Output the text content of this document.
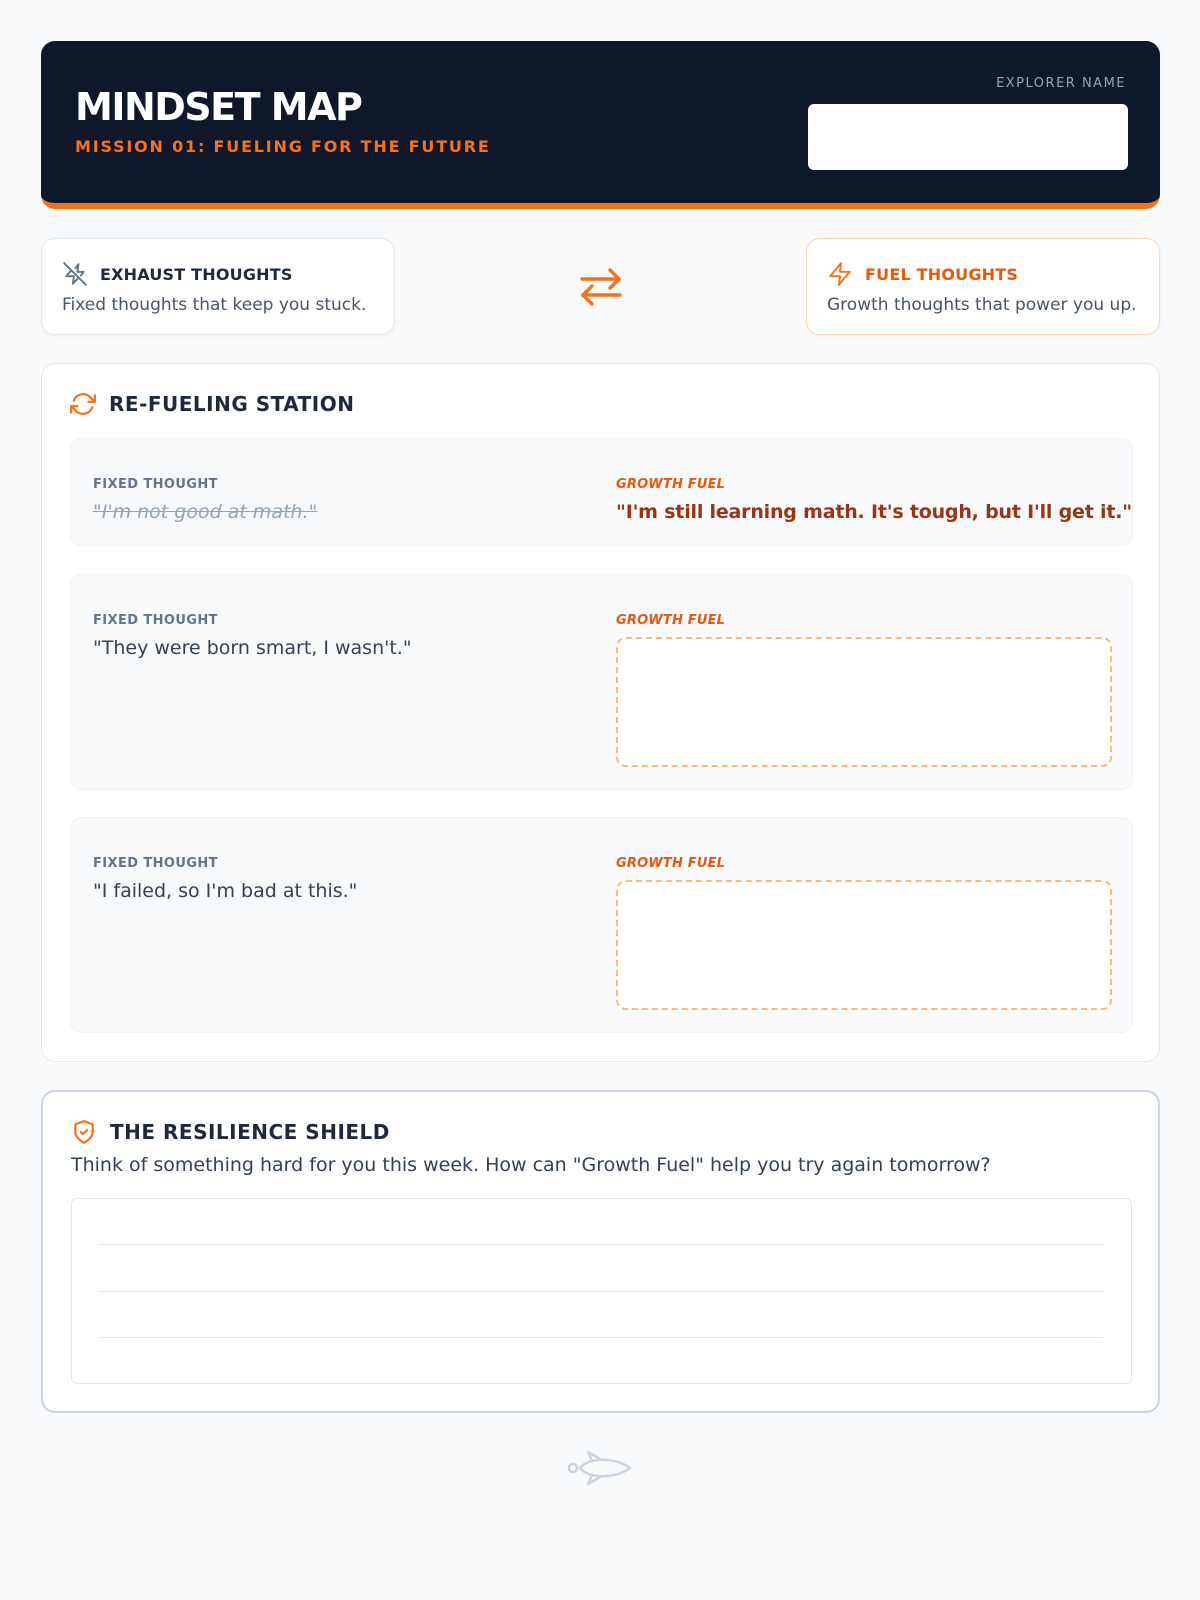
MINDSET MAP
MISSION 01: FUELING FOR THE FUTURE
EXPLORER NAME
EXHAUST THOUGHTS
Fixed thoughts that keep you stuck.
FUEL THOUGHTS
Growth thoughts that power you up.
RE-FUELING STATION
FIXED THOUGHT
"I'm not good at math."
GROWTH FUEL
"I'm still learning math. It's tough, but I'll get it."
FIXED THOUGHT
"They were born smart, I wasn't."
GROWTH FUEL
FIXED THOUGHT
"I failed, so I'm bad at this."
GROWTH FUEL
THE RESILIENCE SHIELD
Think of something hard for you this week. How can "Growth Fuel" help you try again tomorrow?
